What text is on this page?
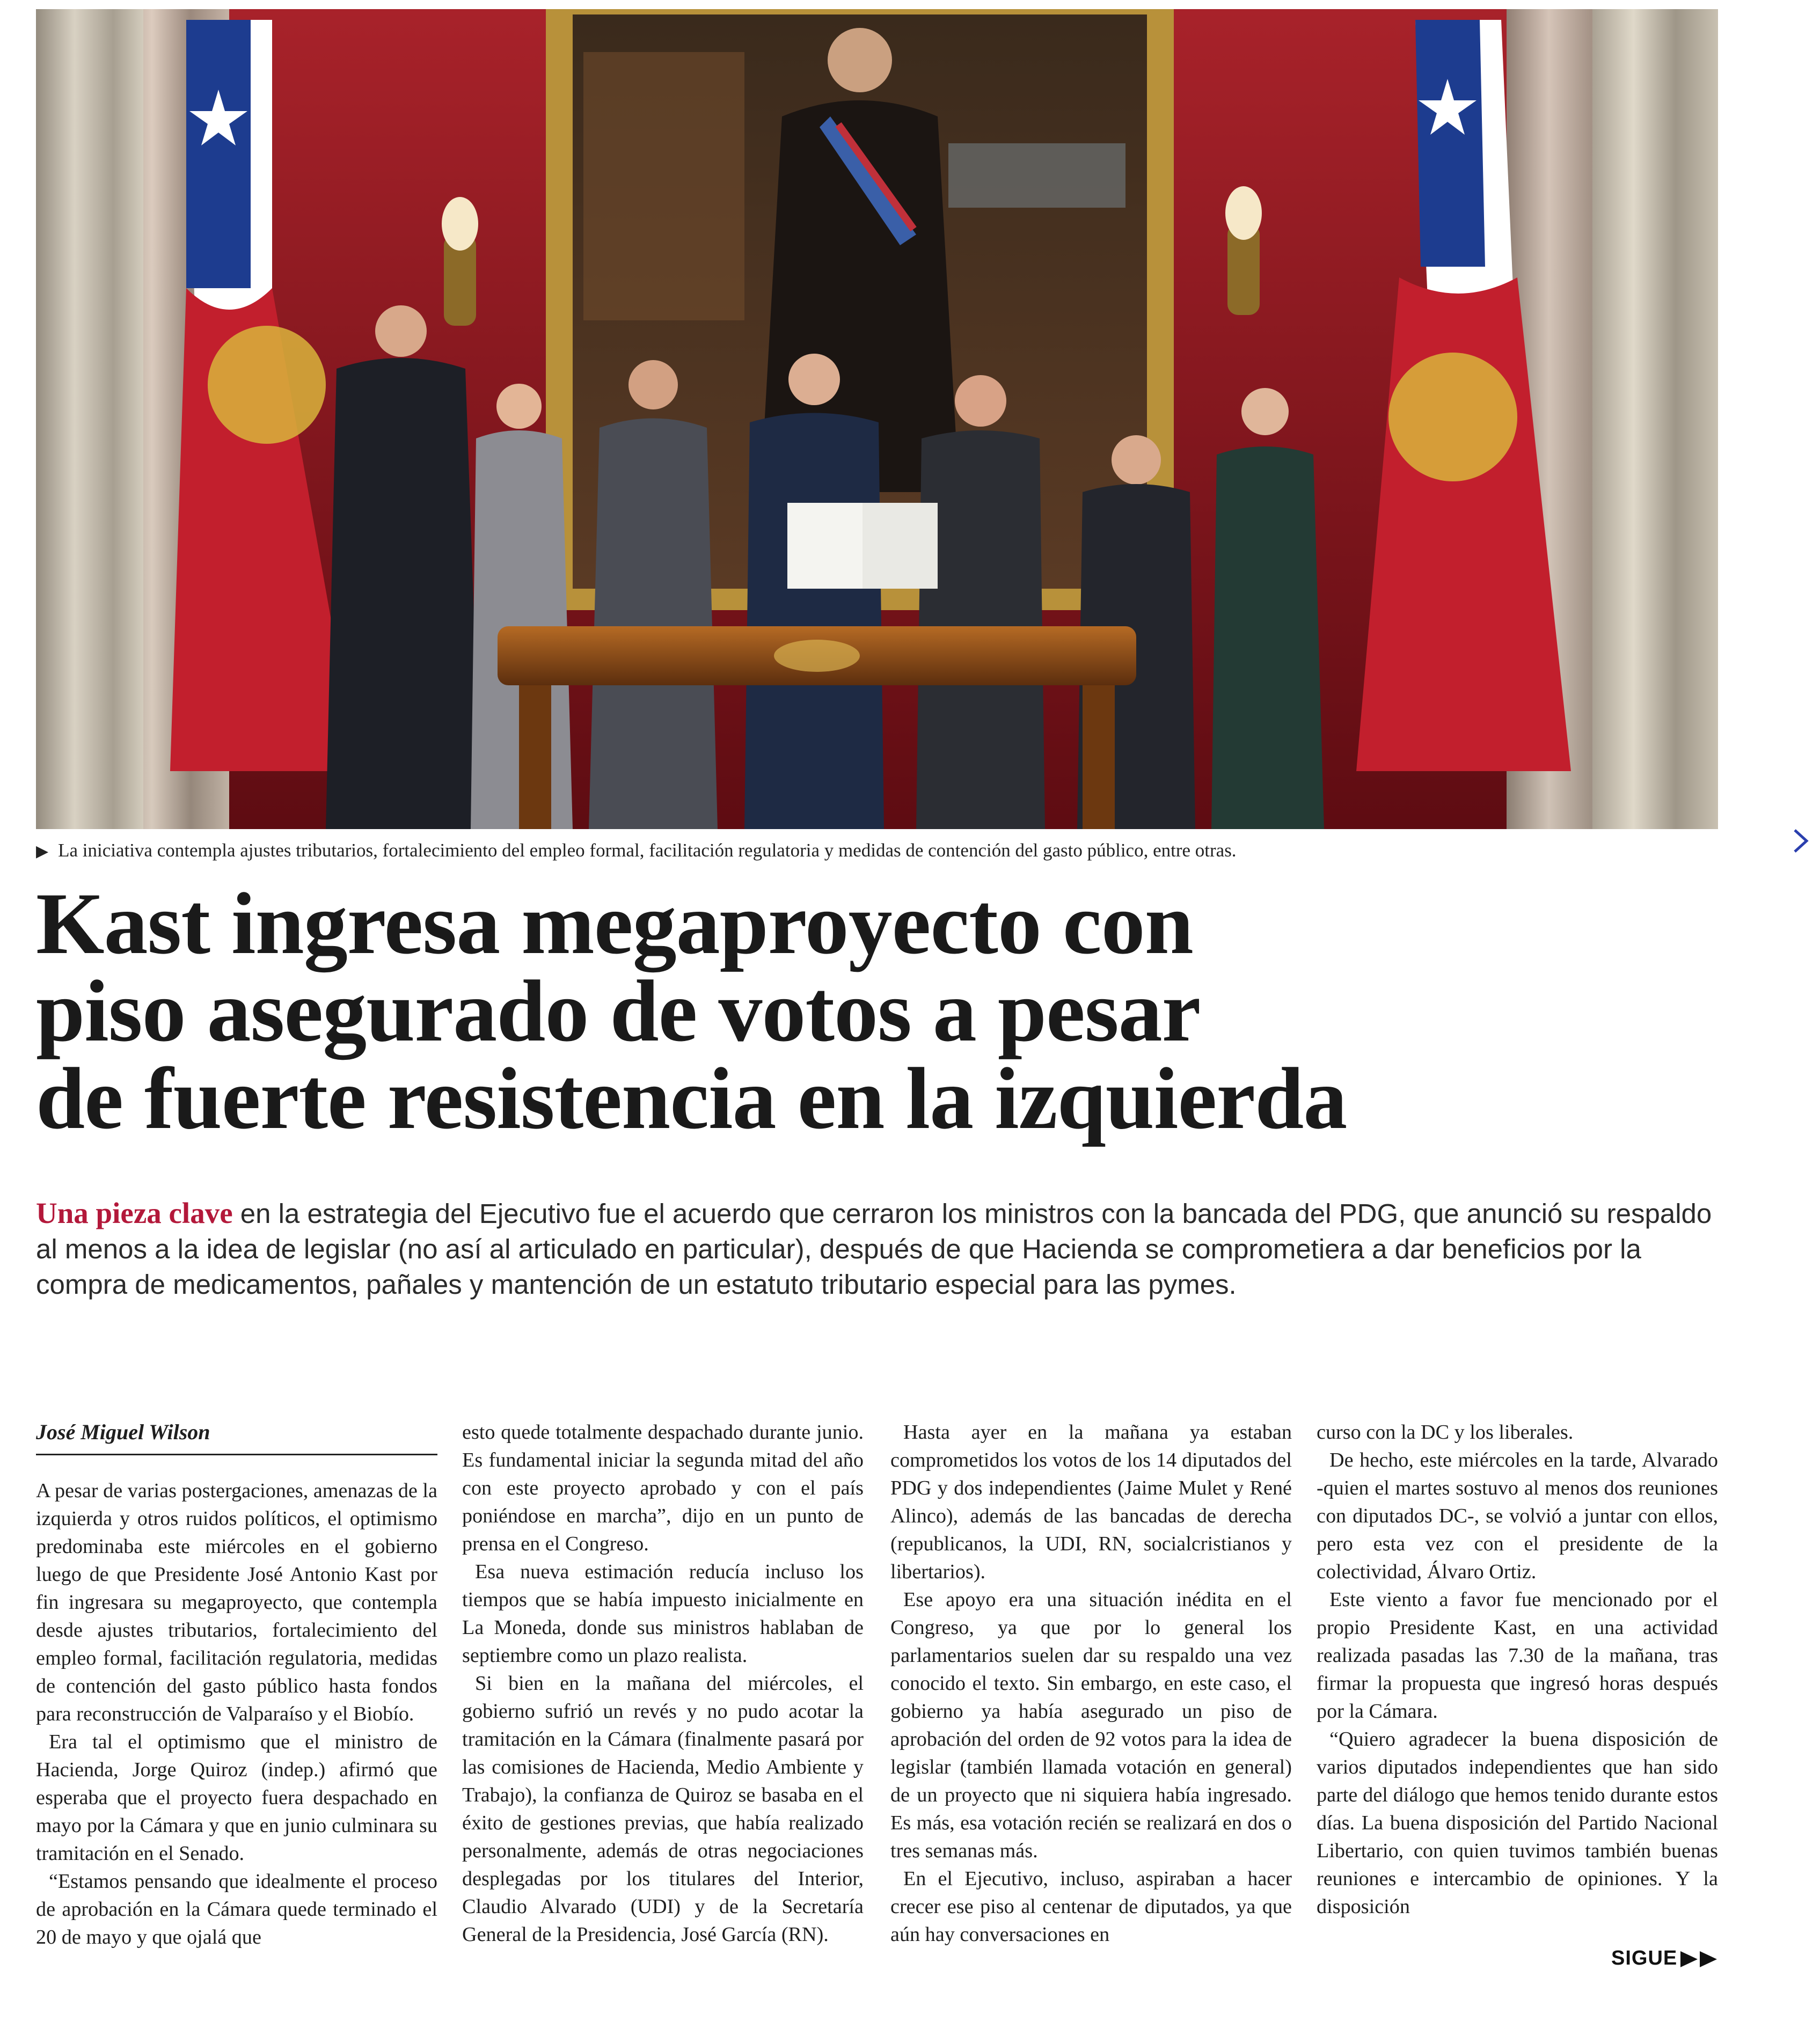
▶ La iniciativa contempla ajustes tributarios, fortalecimiento del empleo formal, facilitación regulatoria y medidas de contención del gasto público, entre otras.
Kast ingresa megaproyecto con
piso asegurado de votos a pesar
de fuerte resistencia en la izquierda
Una pieza clave en la estrategia del Ejecutivo fue el acuerdo que cerraron los ministros con la bancada del PDG, que anunció su respaldo al menos a la idea de legislar (no así al articulado en particular), después de que Hacienda se comprometiera a dar beneficios por la compra de medicamentos, pañales y mantención de un estatuto tributario especial para las pymes.
José Miguel Wilson

A pesar de varias postergaciones, amenazas de la izquierda y otros ruidos políticos, el optimismo predominaba este miércoles en el gobierno luego de que Presidente José Antonio Kast por fin ingresara su megaproyecto, que contempla desde ajustes tributarios, fortalecimiento del empleo formal, facilitación regulatoria, medidas de contención del gasto público hasta fondos para reconstrucción de Valparaíso y el Biobío.

Era tal el optimismo que el ministro de Hacienda, Jorge Quiroz (indep.) afirmó que esperaba que el proyecto fuera despachado en mayo por la Cámara y que en junio culminara su tramitación en el Senado.

“Estamos pensando que idealmente el proceso de aprobación en la Cámara quede terminado el 20 de mayo y que ojalá que

esto quede totalmente despachado durante junio. Es fundamental iniciar la segunda mitad del año con este proyecto aprobado y con el país poniéndose en marcha”, dijo en un punto de prensa en el Congreso.

Esa nueva estimación reducía incluso los tiempos que se había impuesto inicialmente en La Moneda, donde sus ministros hablaban de septiembre como un plazo realista.

Si bien en la mañana del miércoles, el gobierno sufrió un revés y no pudo acotar la tramitación en la Cámara (finalmente pasará por las comisiones de Hacienda, Medio Ambiente y Trabajo), la confianza de Quiroz se basaba en el éxito de gestiones previas, que había realizado personalmente, además de otras negociaciones desplegadas por los titulares del Interior, Claudio Alvarado (UDI) y de la Secretaría General de la Presidencia, José García (RN).

Hasta ayer en la mañana ya estaban comprometidos los votos de los 14 diputados del PDG y dos independientes (Jaime Mulet y René Alinco), además de las bancadas de derecha (republicanos, la UDI, RN, socialcristianos y libertarios).

Ese apoyo era una situación inédita en el Congreso, ya que por lo general los parlamentarios suelen dar su respaldo una vez conocido el texto. Sin embargo, en este caso, el gobierno ya había asegurado un piso de aprobación del orden de 92 votos para la idea de legislar (también llamada votación en general) de un proyecto que ni siquiera había ingresado. Es más, esa votación recién se realizará en dos o tres semanas más.

En el Ejecutivo, incluso, aspiraban a hacer crecer ese piso al centenar de diputados, ya que aún hay conversaciones en

curso con la DC y los liberales.

De hecho, este miércoles en la tarde, Alvarado -quien el martes sostuvo al menos dos reuniones con diputados DC-, se volvió a juntar con ellos, pero esta vez con el presidente de la colectividad, Álvaro Ortiz.

Este viento a favor fue mencionado por el propio Presidente Kast, en una actividad realizada pasadas las 7.30 de la mañana, tras firmar la propuesta que ingresó horas después por la Cámara.

“Quiero agradecer la buena disposición de varios diputados independientes que han sido parte del diálogo que hemos tenido durante estos días. La buena disposición del Partido Nacional Libertario, con quien tuvimos también buenas reuniones e intercambio de opiniones. Y la disposición

SIGUE
